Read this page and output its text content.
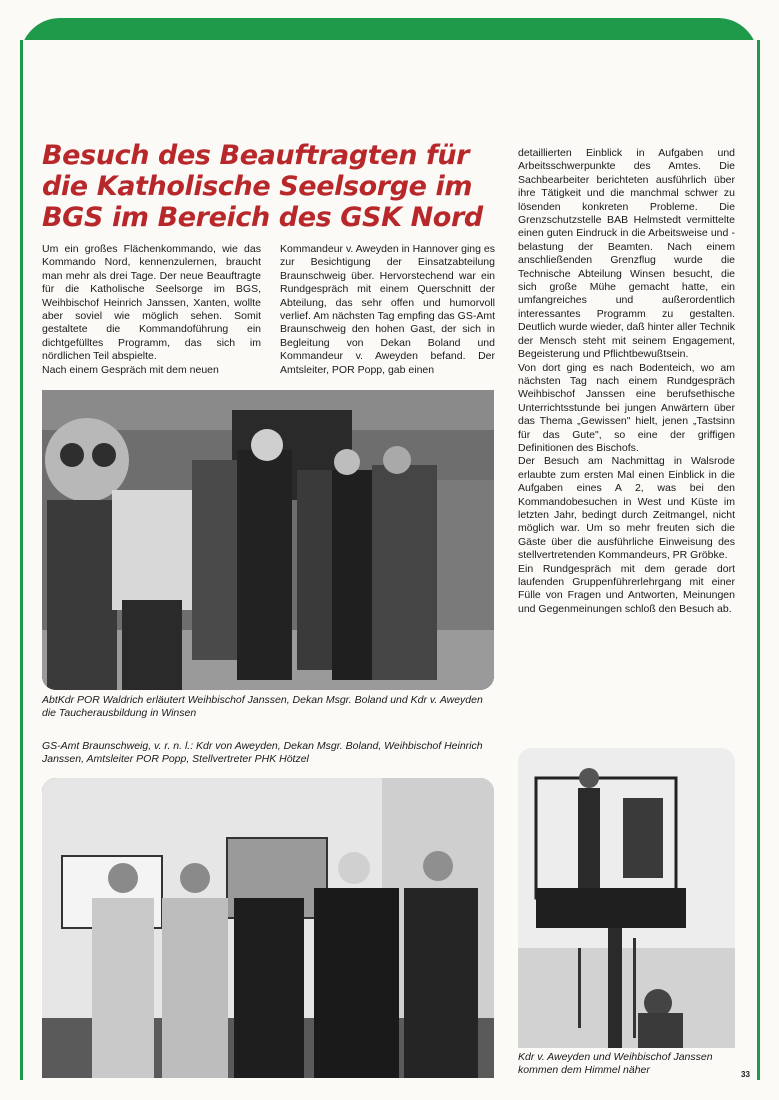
Besuch des Beauftragten für die Katholische Seelsorge im BGS im Bereich des GSK Nord

Um ein großes Flächenkommando, wie das Kommando Nord, kennenzulernen, braucht man mehr als drei Tage. Der neue Beauftragte für die Katholische Seelsorge im BGS, Weihbischof Heinrich Janssen, Xanten, wollte aber soviel wie möglich sehen. Somit gestaltete die Kommandoführung ein dichtgefülltes Programm, das sich im nördlichen Teil abspielte.

Nach einem Gespräch mit dem neuen

Kommandeur v. Aweyden in Hannover ging es zur Besichtigung der Einsatzabteilung Braunschweig über. Hervorstechend war ein Rundgespräch mit einem Querschnitt der Abteilung, das sehr offen und humorvoll verlief. Am nächsten Tag empfing das GS-Amt Braunschweig den hohen Gast, der sich in Begleitung von Dekan Boland und Kommandeur v. Aweyden befand. Der Amtsleiter, POR Popp, gab einen

detaillierten Einblick in Aufgaben und Arbeitsschwerpunkte des Amtes. Die Sachbearbeiter berichteten ausführlich über ihre Tätigkeit und die manchmal schwer zu lösenden konkreten Probleme. Die Grenzschutzstelle BAB Helmstedt vermittelte einen guten Eindruck in die Arbeitsweise und -belastung der Beamten. Nach einem anschließenden Grenzflug wurde die Technische Abteilung Winsen besucht, die sich große Mühe gemacht hatte, ein umfangreiches und außerordentlich interessantes Programm zu gestalten. Deutlich wurde wieder, daß hinter aller Technik der Mensch steht mit seinem Engagement, Begeisterung und Pflichtbewußtsein.

Von dort ging es nach Bodenteich, wo am nächsten Tag nach einem Rundgespräch Weihbischof Janssen eine berufsethische Unterrichtsstunde bei jungen Anwärtern über das Thema „Gewissen" hielt, jenen „Tastsinn für das Gute", so eine der griffigen Definitionen des Bischofs.

Der Besuch am Nachmittag in Walsrode erlaubte zum ersten Mal einen Einblick in die Aufgaben eines A 2, was bei den Kommandobesuchen in West und Küste im letzten Jahr, bedingt durch Zeitmangel, nicht möglich war. Um so mehr freuten sich die Gäste über die ausführliche Einweisung des stellvertretenden Kommandeurs, PR Gröbke.

Ein Rundgespräch mit dem gerade dort laufenden Gruppenführerlehrgang mit einer Fülle von Fragen und Antworten, Meinungen und Gegenmeinungen schloß den Besuch ab.

AbtKdr POR Waldrich erläutert Weihbischof Janssen, Dekan Msgr. Boland und Kdr v. Aweyden die Taucherausbildung in Winsen

GS-Amt Braunschweig, v. r. n. l.: Kdr von Aweyden, Dekan Msgr. Boland, Weihbischof Heinrich Janssen, Amtsleiter POR Popp, Stellvertreter PHK Hötzel

Kdr v. Aweyden und Weihbischof Janssen kommen dem Himmel näher	33
